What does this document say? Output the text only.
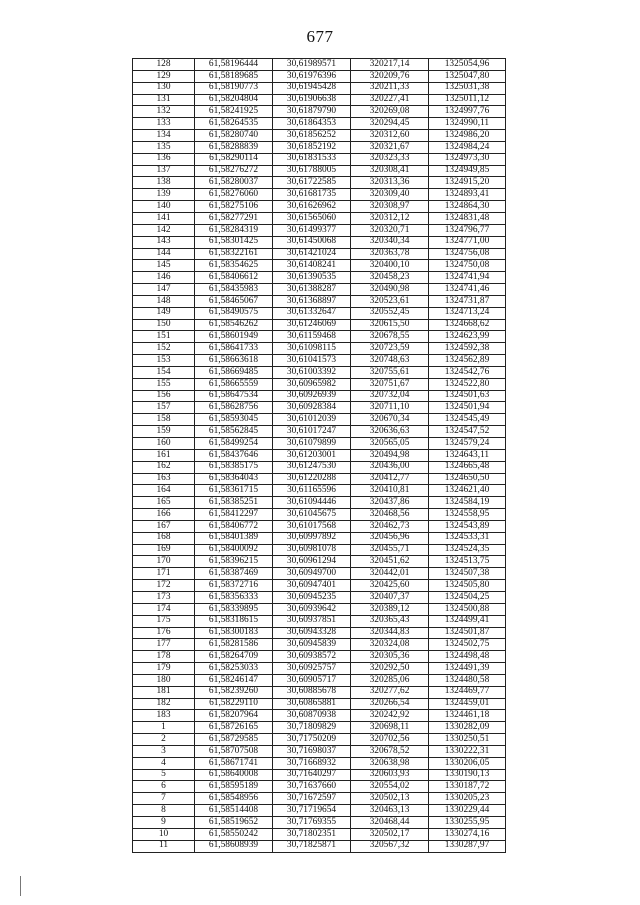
677
128	61,58196444	30,61989571	320217,14	1325054,96
129	61,58189685	30,61976396	320209,76	1325047,80
130	61,58190773	30,61945428	320211,33	1325031,38
131	61,58204804	30,61906638	320227,41	1325011,12
132	61,58241925	30,61879790	320269,08	1324997,76
133	61,58264535	30,61864353	320294,45	1324990,11
134	61,58280740	30,61856252	320312,60	1324986,20
135	61,58288839	30,61852192	320321,67	1324984,24
136	61,58290114	30,61831533	320323,33	1324973,30
137	61,58276272	30,61788005	320308,41	1324949,85
138	61,58280037	30,61722585	320313,36	1324915,20
139	61,58276060	30,61681735	320309,40	1324893,41
140	61,58275106	30,61626962	320308,97	1324864,30
141	61,58277291	30,61565060	320312,12	1324831,48
142	61,58284319	30,61499377	320320,71	1324796,77
143	61,58301425	30,61450068	320340,34	1324771,00
144	61,58322161	30,61421024	320363,78	1324756,08
145	61,58354625	30,61408241	320400,10	1324750,08
146	61,58406612	30,61390535	320458,23	1324741,94
147	61,58435983	30,61388287	320490,98	1324741,46
148	61,58465067	30,61368897	320523,61	1324731,87
149	61,58490575	30,61332647	320552,45	1324713,24
150	61,58546262	30,61246069	320615,50	1324668,62
151	61,58601949	30,61159468	320678,55	1324623,99
152	61,58641733	30,61098115	320723,59	1324592,38
153	61,58663618	30,61041573	320748,63	1324562,89
154	61,58669485	30,61003392	320755,61	1324542,76
155	61,58665559	30,60965982	320751,67	1324522,80
156	61,58647534	30,60926939	320732,04	1324501,63
157	61,58628756	30,60928384	320711,10	1324501,94
158	61,58593045	30,61012039	320670,34	1324545,49
159	61,58562845	30,61017247	320636,63	1324547,52
160	61,58499254	30,61079899	320565,05	1324579,24
161	61,58437646	30,61203001	320494,98	1324643,11
162	61,58385175	30,61247530	320436,00	1324665,48
163	61,58364043	30,61220288	320412,77	1324650,50
164	61,58361715	30,61165596	320410,81	1324621,40
165	61,58385251	30,61094446	320437,86	1324584,19
166	61,58412297	30,61045675	320468,56	1324558,95
167	61,58406772	30,61017568	320462,73	1324543,89
168	61,58401389	30,60997892	320456,96	1324533,31
169	61,58400092	30,60981078	320455,71	1324524,35
170	61,58396215	30,60961294	320451,62	1324513,75
171	61,58387469	30,60949700	320442,01	1324507,38
172	61,58372716	30,60947401	320425,60	1324505,80
173	61,58356333	30,60945235	320407,37	1324504,25
174	61,58339895	30,60939642	320389,12	1324500,88
175	61,58318615	30,60937851	320365,43	1324499,41
176	61,58300183	30,60943328	320344,83	1324501,87
177	61,58281586	30,60945839	320324,08	1324502,75
178	61,58264709	30,60938572	320305,36	1324498,48
179	61,58253033	30,60925757	320292,50	1324491,39
180	61,58246147	30,60905717	320285,06	1324480,58
181	61,58239260	30,60885678	320277,62	1324469,77
182	61,58229110	30,60865881	320266,54	1324459,01
183	61,58207964	30,60870938	320242,92	1324461,18
1	61,58726165	30,71809829	320698,11	1330282,09
2	61,58729585	30,71750209	320702,56	1330250,51
3	61,58707508	30,71698037	320678,52	1330222,31
4	61,58671741	30,71668932	320638,98	1330206,05
5	61,58640008	30,71640297	320603,93	1330190,13
6	61,58595189	30,71637660	320554,02	1330187,72
7	61,58548956	30,71672597	320502,13	1330205,23
8	61,58514408	30,71719654	320463,13	1330229,44
9	61,58519652	30,71769355	320468,44	1330255,95
10	61,58550242	30,71802351	320502,17	1330274,16
11	61,58608939	30,71825871	320567,32	1330287,97
